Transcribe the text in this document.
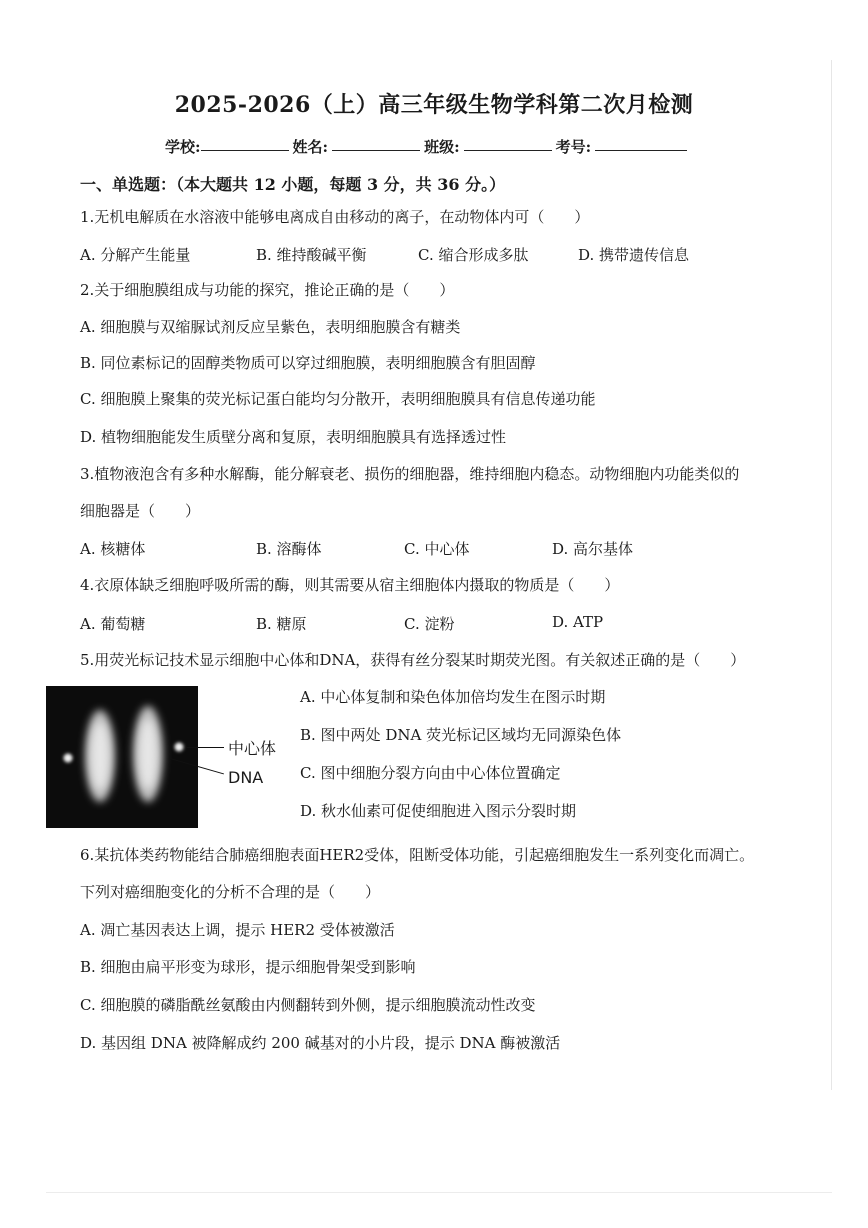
2025-2026（上）高三年级生物学科第二次月检测
学校:	姓名:	班级:	考号:
一、单选题：（本大题共 12 小题，每题 3 分，共 36 分。）
1.无机电解质在水溶液中能够电离成自由移动的离子，在动物体内可（　　）
A. 分解产生能量	B. 维持酸碱平衡	C. 缩合形成多肽	D. 携带遗传信息
2.关于细胞膜组成与功能的探究，推论正确的是（　　）
A. 细胞膜与双缩脲试剂反应呈紫色，表明细胞膜含有糖类
B. 同位素标记的固醇类物质可以穿过细胞膜，表明细胞膜含有胆固醇
C. 细胞膜上聚集的荧光标记蛋白能均匀分散开，表明细胞膜具有信息传递功能
D. 植物细胞能发生质壁分离和复原，表明细胞膜具有选择透过性
3.植物液泡含有多种水解酶，能分解衰老、损伤的细胞器，维持细胞内稳态。动物细胞内功能类似的
细胞器是（　　）
A. 核糖体	B. 溶酶体	C. 中心体	D. 高尔基体
4.衣原体缺乏细胞呼吸所需的酶，则其需要从宿主细胞体内摄取的物质是（　　）
A. 葡萄糖	B. 糖原	C. 淀粉	D. ATP
5.用荧光标记技术显示细胞中心体和DNA，获得有丝分裂某时期荧光图。有关叙述正确的是（　　）
中心体
DNA
A. 中心体复制和染色体加倍均发生在图示时期
B. 图中两处 DNA 荧光标记区域均无同源染色体
C. 图中细胞分裂方向由中心体位置确定
D. 秋水仙素可促使细胞进入图示分裂时期
6.某抗体类药物能结合肺癌细胞表面HER2受体，阻断受体功能，引起癌细胞发生一系列变化而凋亡。
下列对癌细胞变化的分析不合理的是（　　）
A. 凋亡基因表达上调，提示 HER2 受体被激活
B. 细胞由扁平形变为球形，提示细胞骨架受到影响
C. 细胞膜的磷脂酰丝氨酸由内侧翻转到外侧，提示细胞膜流动性改变
D. 基因组 DNA 被降解成约 200 碱基对的小片段，提示 DNA 酶被激活
